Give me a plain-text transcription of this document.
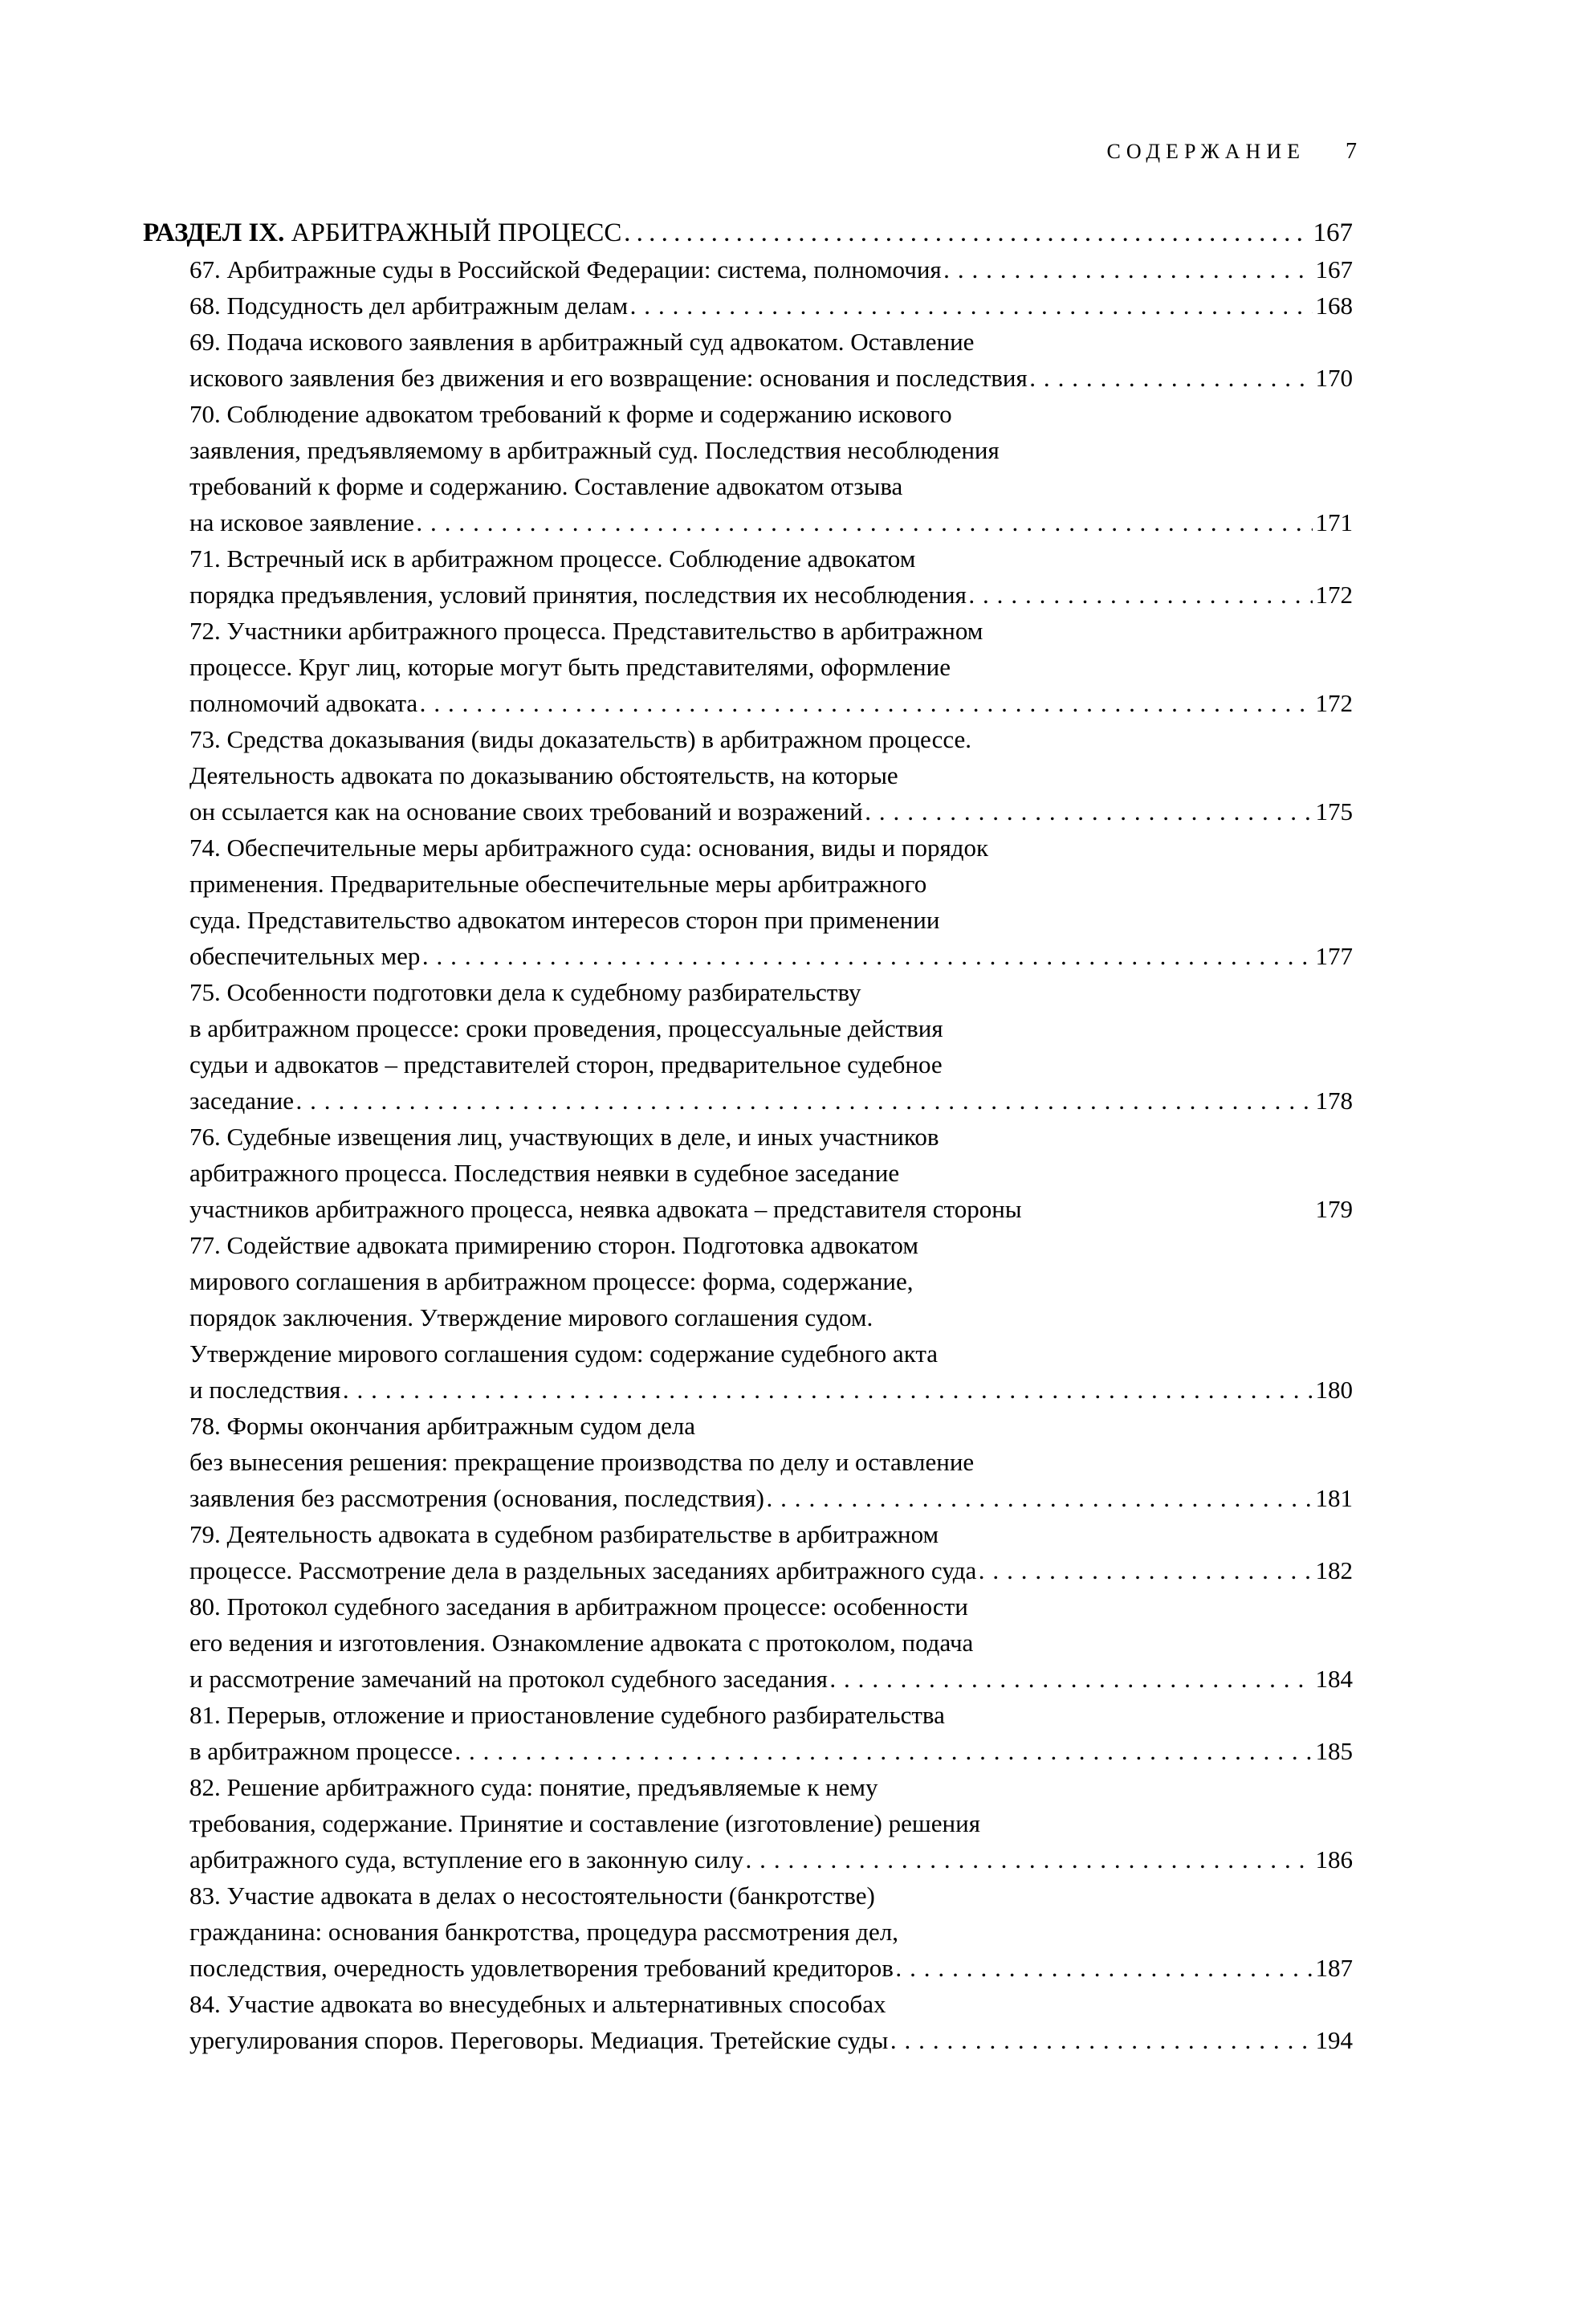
СОДЕРЖАНИЕ	7
РАЗДЕЛ IX. АРБИТРАЖНЫЙ ПРОЦЕСС .....	167
67. Арбитражные суды в Российской Федерации: система, полномочия .....	167
68. Подсудность дел арбитражным делам .....	168
69. Подача искового заявления в арбитражный суд адвокатом. Оставление
искового заявления без движения и его возвращение: основания и последствия .....	170
70. Соблюдение адвокатом требований к форме и содержанию искового
заявления, предъявляемому в арбитражный суд. Последствия несоблюдения
требований к форме и содержанию. Составление адвокатом отзыва
на исковое заявление .....	171
71. Встречный иск в арбитражном процессе. Соблюдение адвокатом
порядка предъявления, условий принятия, последствия их несоблюдения .....	172
72. Участники арбитражного процесса. Представительство в арбитражном
процессе. Круг лиц, которые могут быть представителями, оформление
полномочий адвоката .....	172
73. Средства доказывания (виды доказательств) в арбитражном процессе.
Деятельность адвоката по доказыванию обстоятельств, на которые
он ссылается как на основание своих требований и возражений .....	175
74. Обеспечительные меры арбитражного суда: основания, виды и порядок
применения. Предварительные обеспечительные меры арбитражного
суда. Представительство адвокатом интересов сторон при применении
обеспечительных мер .....	177
75. Особенности подготовки дела к судебному разбирательству
в арбитражном процессе: сроки проведения, процессуальные действия
судьи и адвокатов – представителей сторон, предварительное судебное
заседание .....	178
76. Судебные извещения лиц, участвующих в деле, и иных участников
арбитражного процесса. Последствия неявки в судебное заседание
участников арбитражного процесса, неявка адвоката – представителя стороны	179
77. Содействие адвоката примирению сторон. Подготовка адвокатом
мирового соглашения в арбитражном процессе: форма, содержание,
порядок заключения. Утверждение мирового соглашения судом.
Утверждение мирового соглашения судом: содержание судебного акта
и последствия .....	180
78. Формы окончания арбитражным судом дела
без вынесения решения: прекращение производства по делу и оставление
заявления без рассмотрения (основания, последствия) .....	181
79. Деятельность адвоката в судебном разбирательстве в арбитражном
процессе. Рассмотрение дела в раздельных заседаниях арбитражного суда .....	182
80. Протокол судебного заседания в арбитражном процессе: особенности
его ведения и изготовления. Ознакомление адвоката с протоколом, подача
и рассмотрение замечаний на протокол судебного заседания .....	184
81. Перерыв, отложение и приостановление судебного разбирательства
в арбитражном процессе .....	185
82. Решение арбитражного суда: понятие, предъявляемые к нему
требования, содержание. Принятие и составление (изготовление) решения
арбитражного суда, вступление его в законную силу .....	186
83. Участие адвоката в делах о несостоятельности (банкротстве)
гражданина: основания банкротства, процедура рассмотрения дел,
последствия, очередность удовлетворения требований кредиторов .....	187
84. Участие адвоката во внесудебных и альтернативных способах
урегулирования споров. Переговоры. Медиация. Третейские суды .....	194
